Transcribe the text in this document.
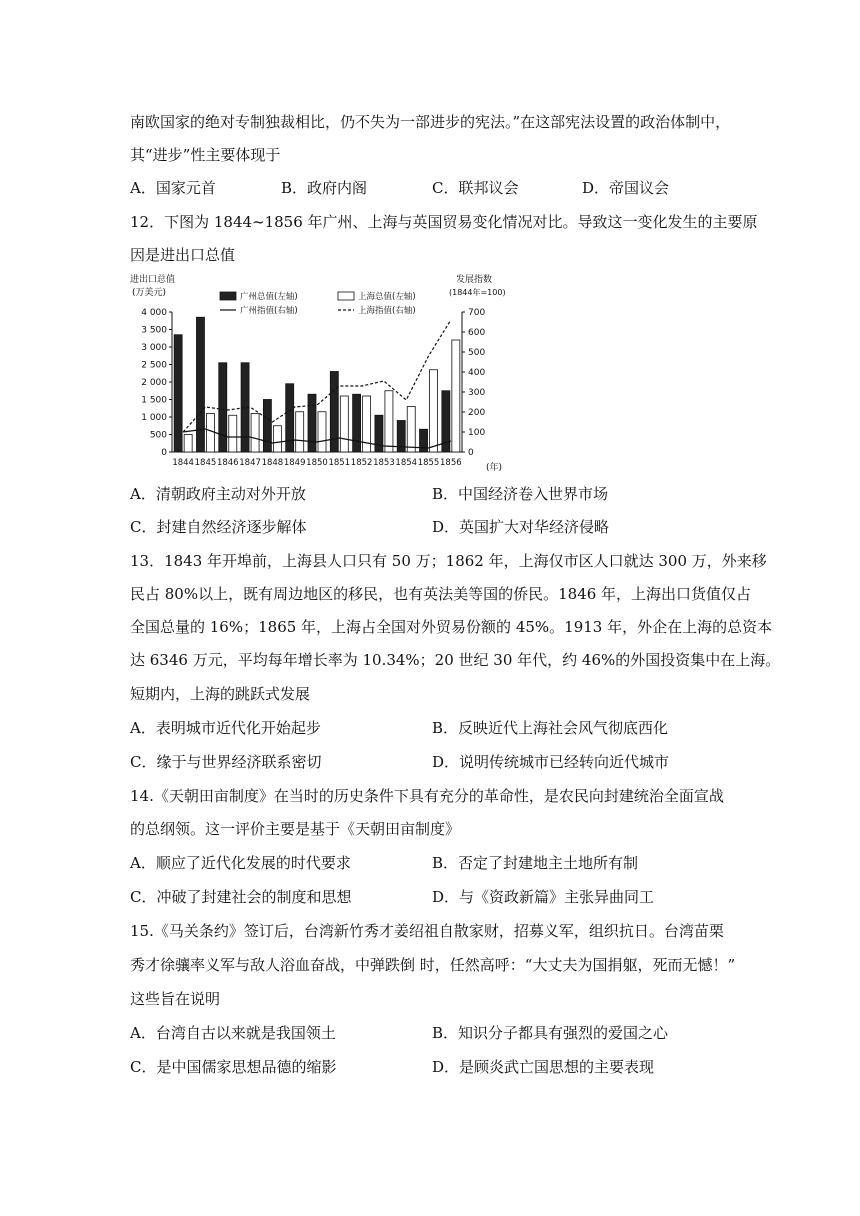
南欧国家的绝对专制独裁相比，仍不失为一部进步的宪法。”在这部宪法设置的政治体制中，
其“进步”性主要体现于
A．国家元首	B．政府内阁	C．联邦议会	D．帝国议会
12．下图为 1844~1856 年广州、上海与英国贸易变化情况对比。导致这一变化发生的主要原
因是进出口总值
进出口总值
(万美元)
发展指数
(1844年=100)
(年)
广州总值(左轴)	上海总值(左轴)
广州指值(右轴)	上海指值(右轴)
0
500
1 000
1 500
2 000
2 500
3 000
3 500
4 000
0
100
200
300
400
500
600
700
1844 1845 1846 1847 1848 1849 1850 1851 1852 1853 1854 1855 1856
A．清朝政府主动对外开放	B．中国经济卷入世界市场
C．封建自然经济逐步解体	D．英国扩大对华经济侵略
13．1843 年开埠前，上海县人口只有 50 万；1862 年，上海仅市区人口就达 300 万，外来移
民占 80%以上，既有周边地区的移民，也有英法美等国的侨民。1846 年，上海出口货值仅占
全国总量的 16%；1865 年，上海占全国对外贸易份额的 45%。1913 年，外企在上海的总资本
达 6346 万元，平均每年增长率为 10.34%；20 世纪 30 年代，约 46%的外国投资集中在上海。
短期内，上海的跳跃式发展
A．表明城市近代化开始起步	B．反映近代上海社会风气彻底西化
C．缘于与世界经济联系密切	D．说明传统城市已经转向近代城市
14.《天朝田亩制度》在当时的历史条件下具有充分的革命性，是农民向封建统治全面宣战
的总纲领。这一评价主要是基于《天朝田亩制度》
A．顺应了近代化发展的时代要求	B．否定了封建地主土地所有制
C．冲破了封建社会的制度和思想	D．与《资政新篇》主张异曲同工
15.《马关条约》签订后，台湾新竹秀才姜绍祖自散家财，招募义军，组织抗日。台湾苗栗
秀才徐骧率义军与敌人浴血奋战，中弹跌倒 时，任然高呼：“大丈夫为国捐躯，死而无憾！”
这些旨在说明
A．台湾自古以来就是我国领土	B．知识分子都具有强烈的爱国之心
C．是中国儒家思想品德的缩影	D．是顾炎武亡国思想的主要表现
